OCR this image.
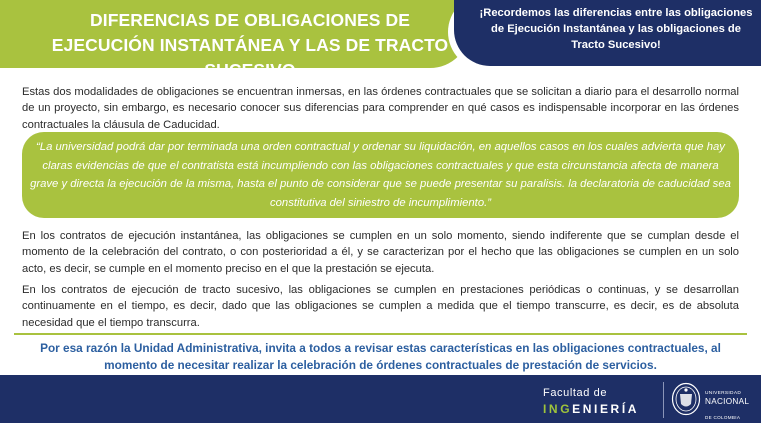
DIFERENCIAS DE OBLIGACIONES DE EJECUCIÓN INSTANTÁNEA Y LAS DE TRACTO SUCESIVO
¡Recordemos las diferencias entre las obligaciones de Ejecución Instantánea y las obligaciones de Tracto Sucesivo!

Estas dos modalidades de obligaciones se encuentran inmersas, en las órdenes contractuales que se solicitan a diario para el desarrollo normal de un proyecto, sin embargo, es necesario conocer sus diferencias para comprender en qué casos es indispensable incorporar en las órdenes contractuales la cláusula de Caducidad.

“La universidad podrá dar por terminada una orden contractual y ordenar su liquidación, en aquellos casos en los cuales advierta que hay claras evidencias de que el contratista está incumpliendo con las obligaciones contractuales y que esta circunstancia afecta de manera grave y directa la ejecución de la misma, hasta el punto de considerar que se puede presentar su paralisis. la declaratoria de caducidad sea constitutiva del siniestro de incumplimiento.”

En los contratos de ejecución instantánea, las obligaciones se cumplen en un solo momento, siendo indiferente que se cumplan desde el momento de la celebración del contrato, o con posterioridad a él, y se caracterizan por el hecho que las obligaciones se cumplen en un solo acto, es decir, se cumple en el momento preciso en el que la prestación se ejecuta.

En los contratos de ejecución de tracto sucesivo, las obligaciones se cumplen en prestaciones periódicas o continuas, y se desarrollan continuamente en el tiempo, es decir, dado que las obligaciones se cumplen a medida que el tiempo transcurre, es decir, es de absoluta necesidad que el tiempo transcurra.

Por esa razón la Unidad Administrativa, invita a todos a revisar estas características en las obligaciones contractuales, al momento de necesitar realizar la celebración de órdenes contractuales de prestación de servicios.

Facultad de
INGENIERÍA
UNIVERSIDAD
NACIONAL
DE COLOMBIA
